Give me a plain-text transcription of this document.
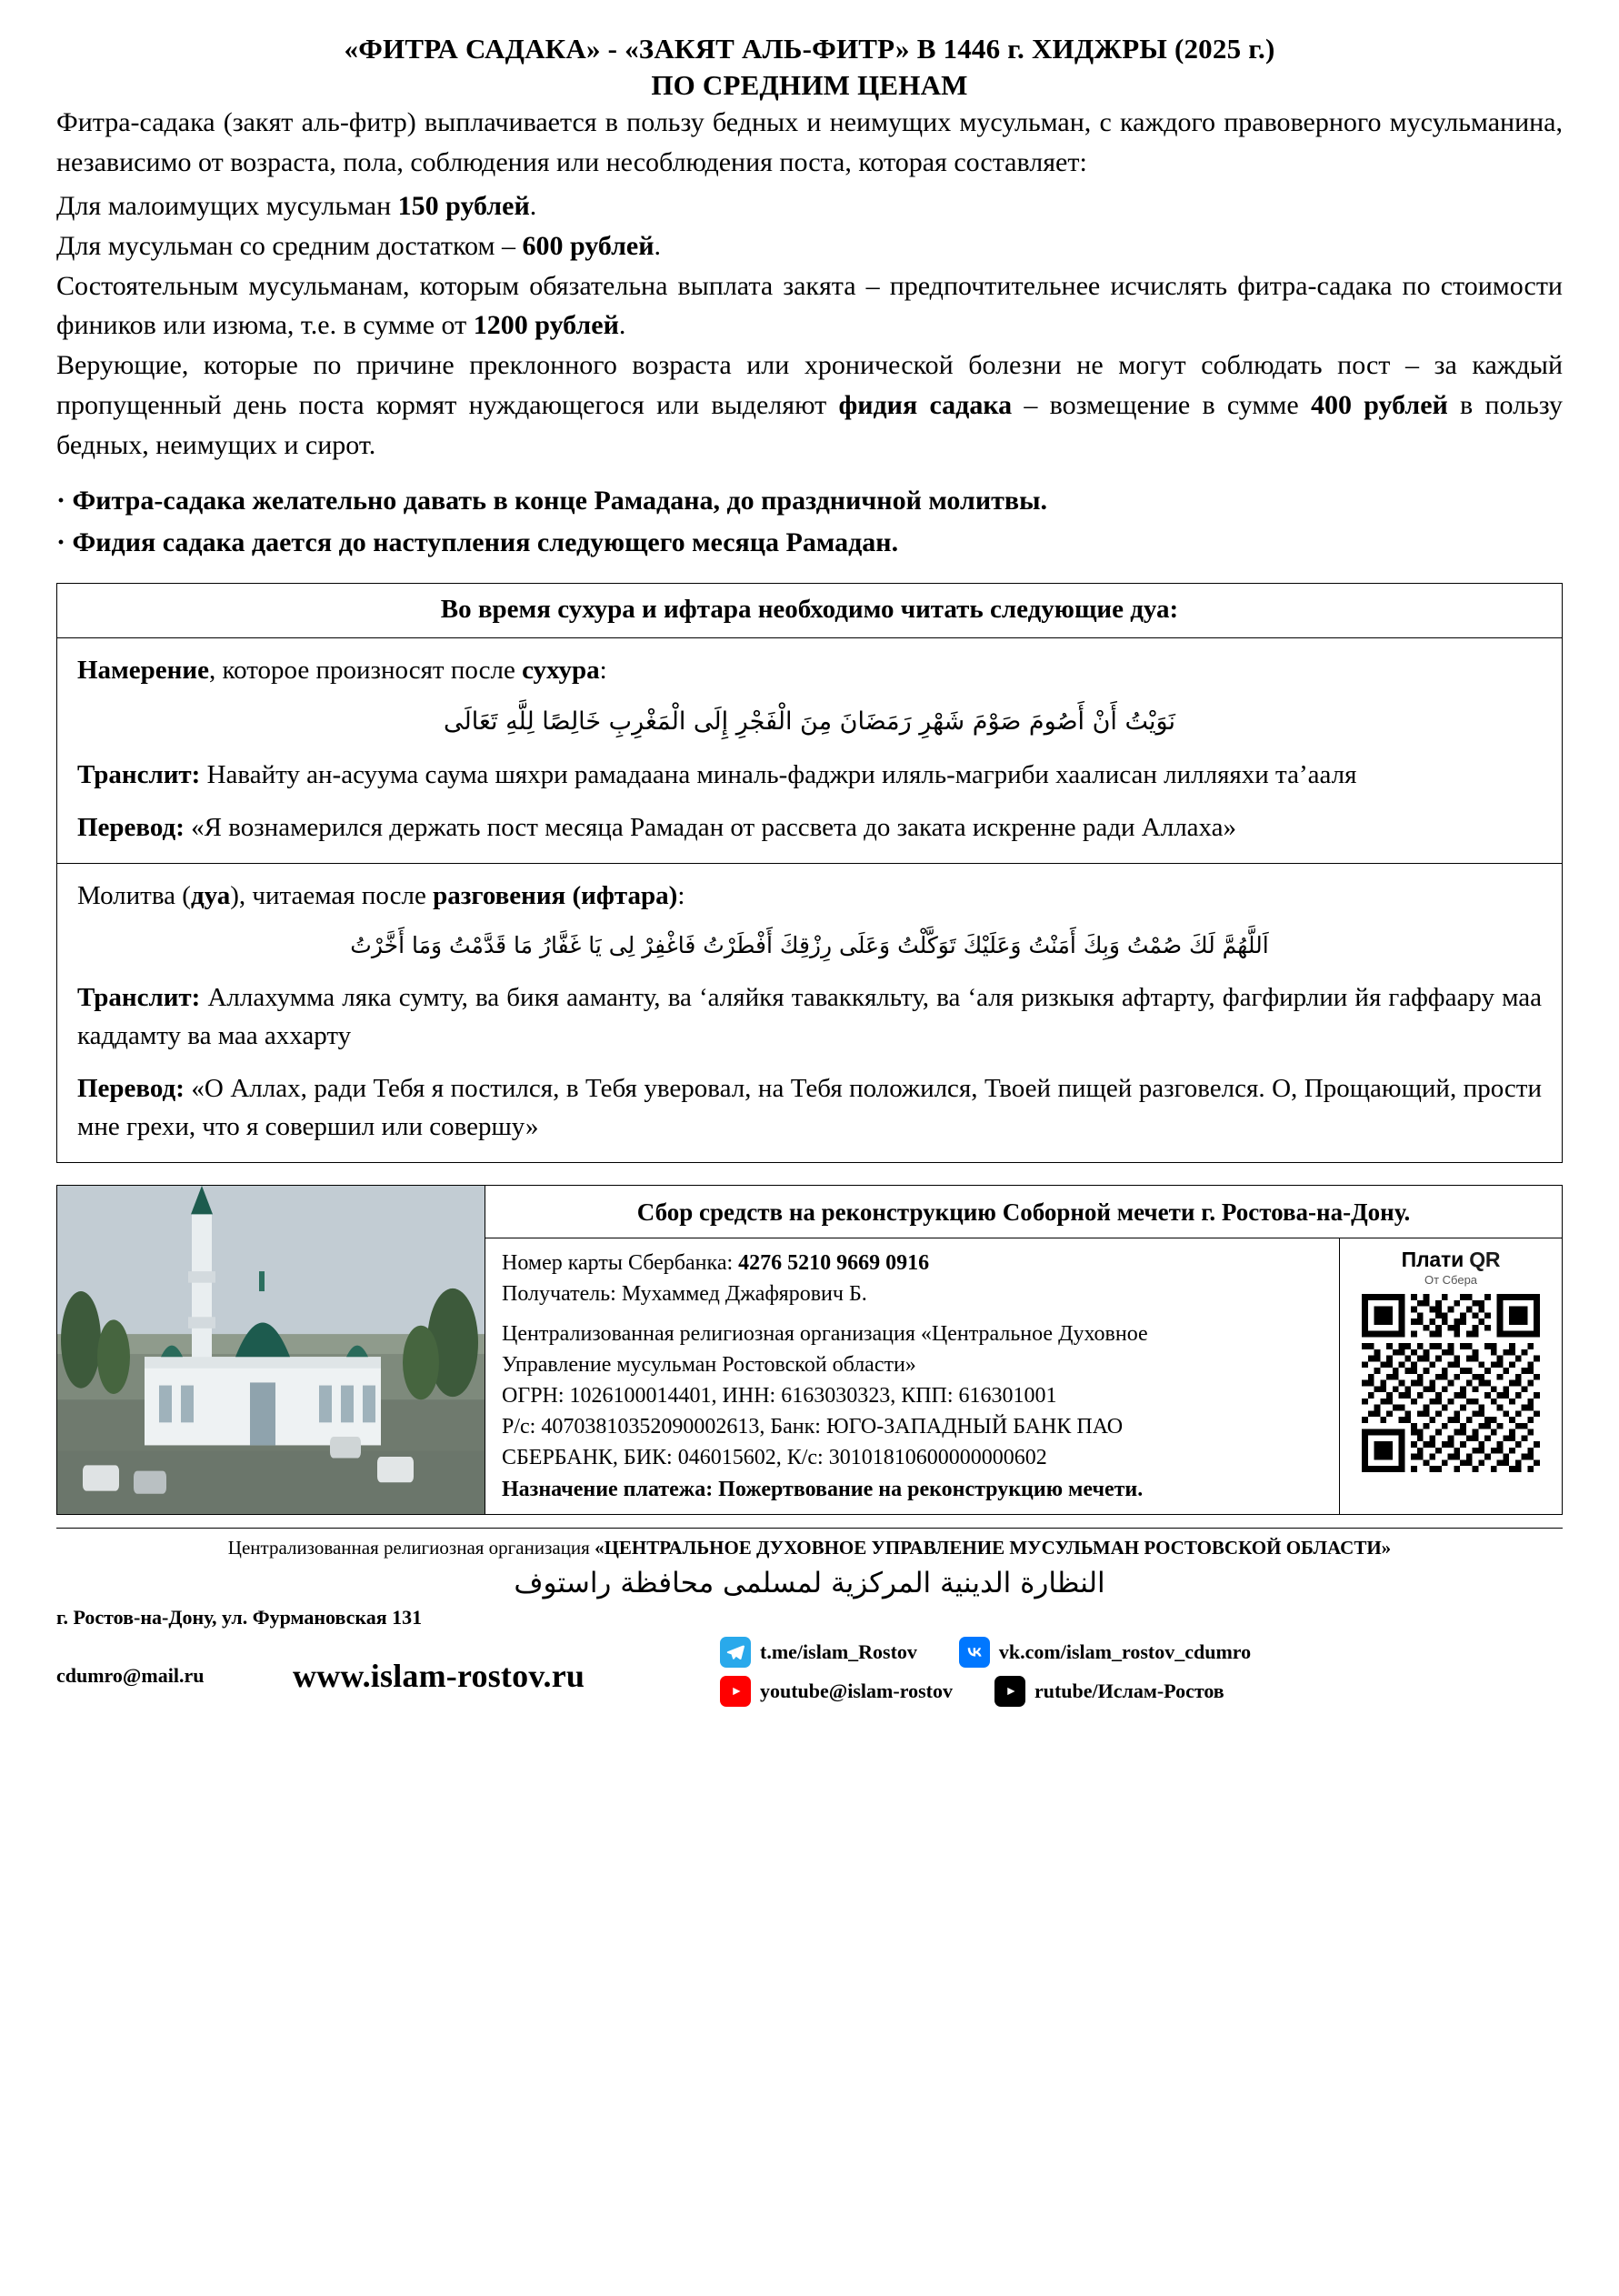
«ФИТРА САДАКА» - «ЗАКЯТ АЛЬ-ФИТР» В 1446 г. ХИДЖРЫ (2025 г.)
ПО СРЕДНИМ ЦЕНАМ

Фитра-садака (закят аль-фитр) выплачивается в пользу бедных и неимущих мусульман, с каждого правоверного мусульманина, независимо от возраста, пола, соблюдения или несоблюдения поста, которая составляет:

Для малоимущих мусульман 150 рублей.

Для мусульман со средним достатком – 600 рублей.

Состоятельным мусульманам, которым обязательна выплата закята – предпочтительнее исчислять фитра-садака по стоимости фиников или изюма, т.е. в сумме от 1200 рублей.

Верующие, которые по причине преклонного возраста или хронической болезни не могут соблюдать пост – за каждый пропущенный день поста кормят нуждающегося или выделяют фидия садака – возмещение в сумме 400 рублей в пользу бедных, неимущих и сирот.

· Фитра-садака желательно давать в конце Рамадана, до праздничной молитвы.

· Фидия садака дается до наступления следующего месяца Рамадан.

Во время сухура и ифтара необходимо читать следующие дуа:

Намерение, которое произносят после сухура:

نَوَيْتُ أَنْ أَصُومَ صَوْمَ شَهْرِ رَمَضَانَ مِنَ الْفَجْرِ إِلَى الْمَغْرِبِ خَالِصًا لِلَّهِ تَعَالَى

Транслит: Навайту ан-асуума саума шяхри рамадаана миналь-фаджри иляль-магриби хаалисан лилляяхи та’ааля

Перевод: «Я вознамерился держать пост месяца Рамадан от рассвета до заката искренне ради Аллаха»

Молитва (дуа), читаемая после разговения (ифтара):

اَللَّهُمَّ لَكَ صُمْتُ وَبِكَ أَمَنْتُ وَعَلَيْكَ تَوَكَّلْتُ وَعَلَى رِزْقِكَ أَفْطَرْتُ فَاغْفِرْ لِى يَا غَفَّارُ مَا قَدَّمْتُ وَمَا أَخَّرْتُ

Транслит: Аллахумма ляка сумту, ва бикя ааманту, ва ‘аляйкя таваккяльту, ва ‘аля ризкыкя афтарту, фагфирлии йя гаффаару маа каддамту ва маа аххарту

Перевод: «О Аллах, ради Тебя я постился, в Тебя уверовал, на Тебя положился, Твоей пищей разговелся. О, Прощающий, прости мне грехи, что я совершил или совершу»

Сбор средств на реконструкцию Соборной мечети г. Ростова-на-Дону.

Номер карты Сбербанка: 4276 5210 9669 0916

Получатель: Мухаммед Джафярович Б.

Централизованная религиозная организация «Центральное Духовное

Управление мусульман Ростовской области»

ОГРН: 1026100014401, ИНН: 6163030323, КПП: 616301001

Р/с: 40703810352090002613, Банк: ЮГО-ЗАПАДНЫЙ БАНК ПАО

СБЕРБАНК, БИК: 046015602, К/с: 30101810600000000602

Назначение платежа: Пожертвование на реконструкцию мечети.

Плати QR
От Сбера
Централизованная религиозная организация «ЦЕНТРАЛЬНОЕ ДУХОВНОЕ УПРАВЛЕНИЕ МУСУЛЬМАН РОСТОВСКОЙ ОБЛАСТИ»
النظارة الدينية المركزية لمسلمى محافظة راستوف
г. Ростов-на-Дону, ул. Фурмановская 131
cdumro@mail.ru	www.islam-rostov.ru
t.me/islam_Rostov	vk.com/islam_rostov_cdumro
youtube@islam-rostov	rutube/Ислам-Ростов
